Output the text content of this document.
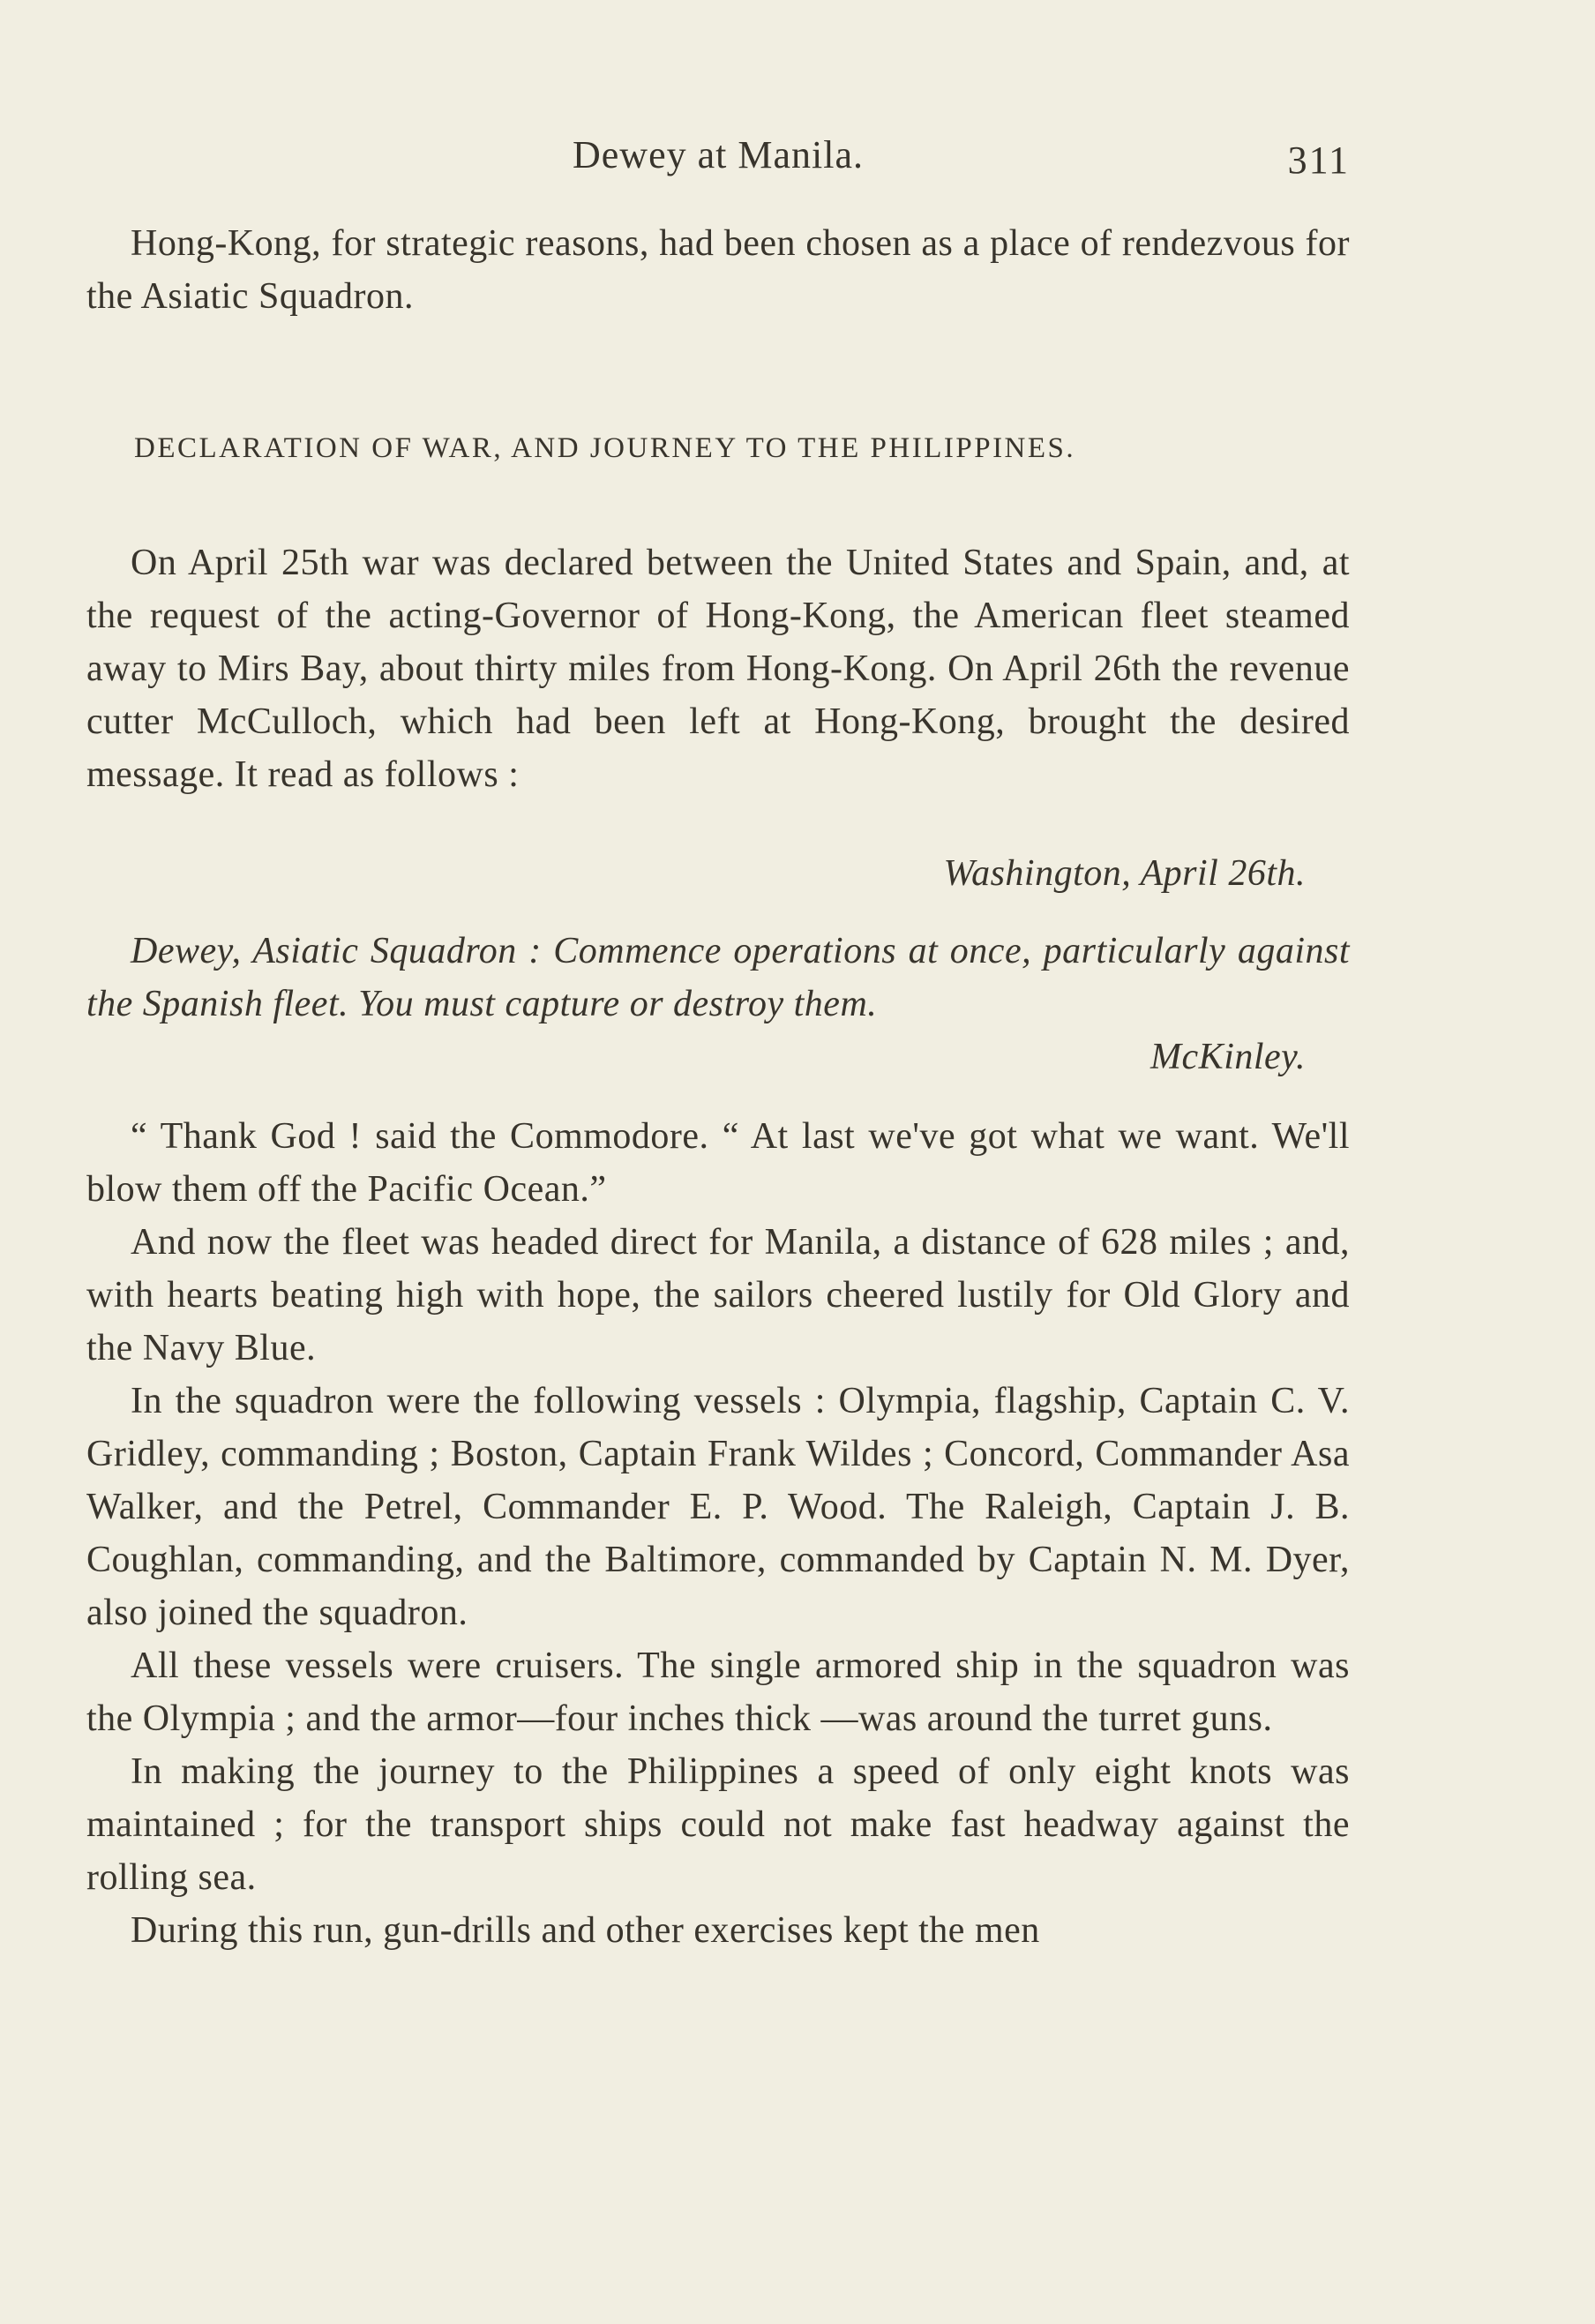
Dewey at Manila.	311

Hong-Kong, for strategic reasons, had been chosen as a place of rendezvous for the Asiatic Squadron.

DECLARATION OF WAR, AND JOURNEY TO THE PHILIPPINES.

On April 25th war was declared between the United States and Spain, and, at the request of the acting-Governor of Hong-Kong, the American fleet steamed away to Mirs Bay, about thirty miles from Hong-Kong. On April 26th the revenue cutter McCulloch, which had been left at Hong-Kong, brought the desired message. It read as follows :

Washington, April 26th.

Dewey, Asiatic Squadron : Commence operations at once, particularly against the Spanish fleet. You must capture or destroy them.

McKinley.

“ Thank God ! said the Commodore. “ At last we've got what we want. We'll blow them off the Pacific Ocean.”

And now the fleet was headed direct for Manila, a distance of 628 miles ; and, with hearts beating high with hope, the sailors cheered lustily for Old Glory and the Navy Blue.

In the squadron were the following vessels : Olympia, flagship, Captain C. V. Gridley, commanding ; Boston, Captain Frank Wildes ; Concord, Commander Asa Walker, and the Petrel, Commander E. P. Wood. The Raleigh, Captain J. B. Coughlan, commanding, and the Baltimore, commanded by Captain N. M. Dyer, also joined the squadron.

All these vessels were cruisers. The single armored ship in the squadron was the Olympia ; and the armor—four inches thick —was around the turret guns.

In making the journey to the Philippines a speed of only eight knots was maintained ; for the transport ships could not make fast headway against the rolling sea.

During this run, gun-drills and other exercises kept the men
